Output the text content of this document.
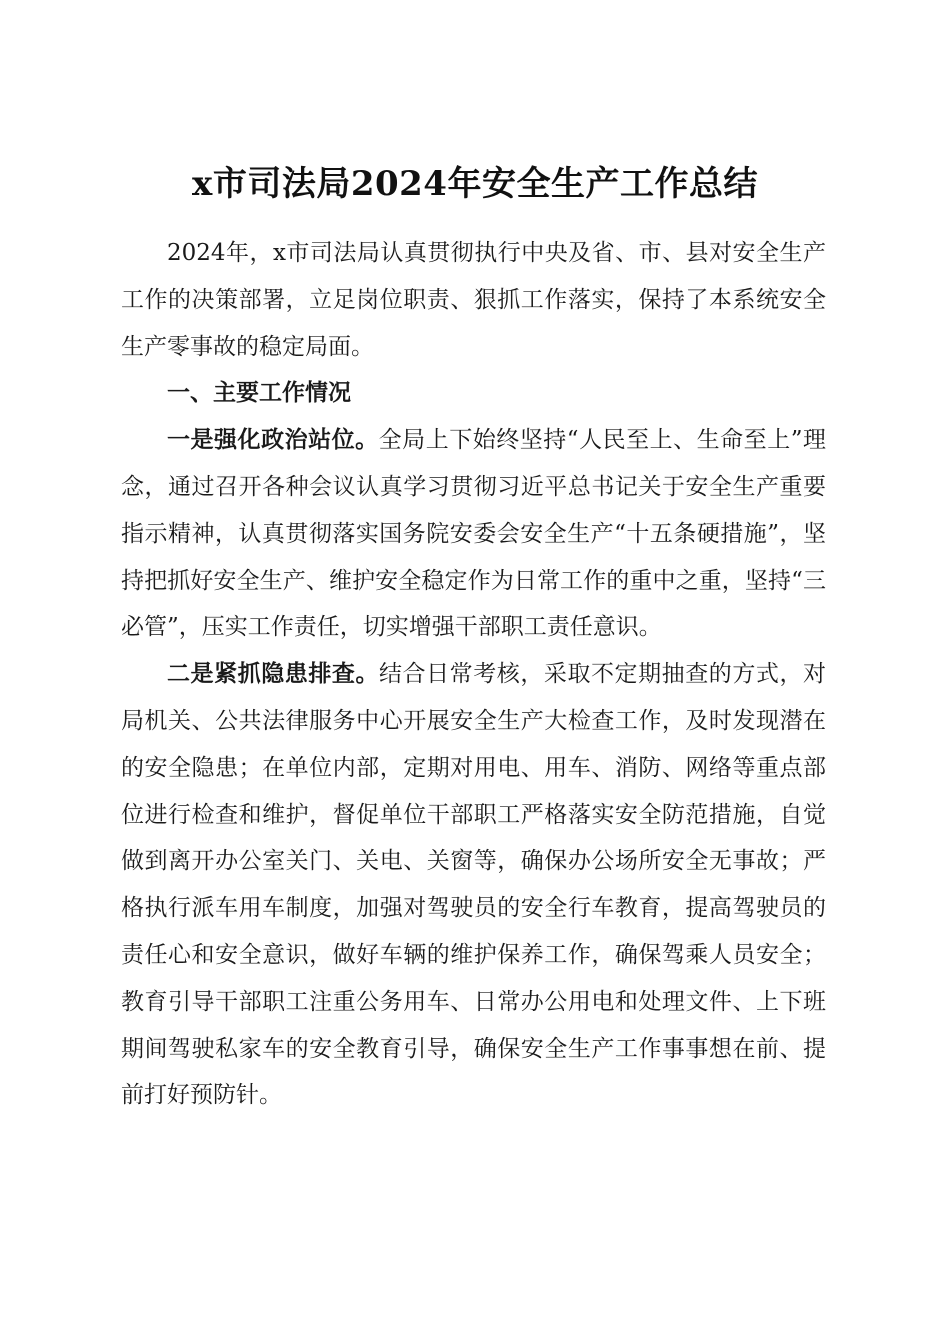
x市司法局2024年安全生产工作总结

2024年，x市司法局认真贯彻执行中央及省、市、县对安全生产工作的决策部署，立足岗位职责、狠抓工作落实，保持了本系统安全生产零事故的稳定局面。

一、主要工作情况

一是强化政治站位。全局上下始终坚持“人民至上、生命至上”理念，通过召开各种会议认真学习贯彻习近平总书记关于安全生产重要指示精神，认真贯彻落实国务院安委会安全生产“十五条硬措施”，坚持把抓好安全生产、维护安全稳定作为日常工作的重中之重，坚持“三必管”，压实工作责任，切实增强干部职工责任意识。

二是紧抓隐患排查。结合日常考核，采取不定期抽查的方式，对局机关、公共法律服务中心开展安全生产大检查工作，及时发现潜在的安全隐患；在单位内部，定期对用电、用车、消防、网络等重点部位进行检查和维护，督促单位干部职工严格落实安全防范措施，自觉做到离开办公室关门、关电、关窗等，确保办公场所安全无事故；严格执行派车用车制度，加强对驾驶员的安全行车教育，提高驾驶员的责任心和安全意识，做好车辆的维护保养工作，确保驾乘人员安全；教育引导干部职工注重公务用车、日常办公用电和处理文件、上下班期间驾驶私家车的安全教育引导，确保安全生产工作事事想在前、提前打好预防针。
